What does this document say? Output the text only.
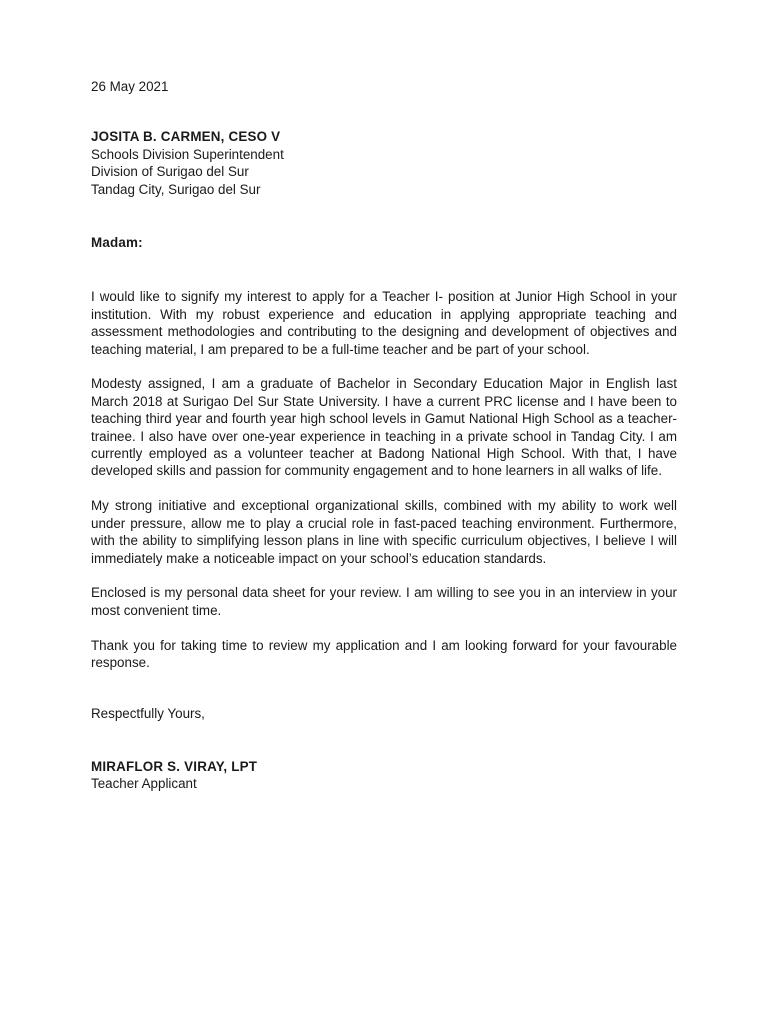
26 May 2021

JOSITA B. CARMEN, CESO V

Schools Division Superintendent

Division of Surigao del Sur

Tandag City, Surigao del Sur

Madam:

I would like to signify my interest to apply for a Teacher I- position at Junior High School in your institution. With my robust experience and education in applying appropriate teaching and assessment methodologies and contributing to the designing and development of objectives and teaching material, I am prepared to be a full-time teacher and be part of your school.

Modesty assigned, I am a graduate of Bachelor in Secondary Education Major in English last March 2018 at Surigao Del Sur State University. I have a current PRC license and I have been to teaching third year and fourth year high school levels in Gamut National High School as a teacher-trainee. I also have over one-year experience in teaching in a private school in Tandag City. I am currently employed as a volunteer teacher at Badong National High School. With that, I have developed skills and passion for community engagement and to hone learners in all walks of life.

My strong initiative and exceptional organizational skills, combined with my ability to work well under pressure, allow me to play a crucial role in fast-paced teaching environment. Furthermore, with the ability to simplifying lesson plans in line with specific curriculum objectives, I believe I will immediately make a noticeable impact on your school’s education standards.

Enclosed is my personal data sheet for your review. I am willing to see you in an interview in your most convenient time.

Thank you for taking time to review my application and I am looking forward for your favourable response.

Respectfully Yours,

MIRAFLOR S. VIRAY, LPT

Teacher Applicant
